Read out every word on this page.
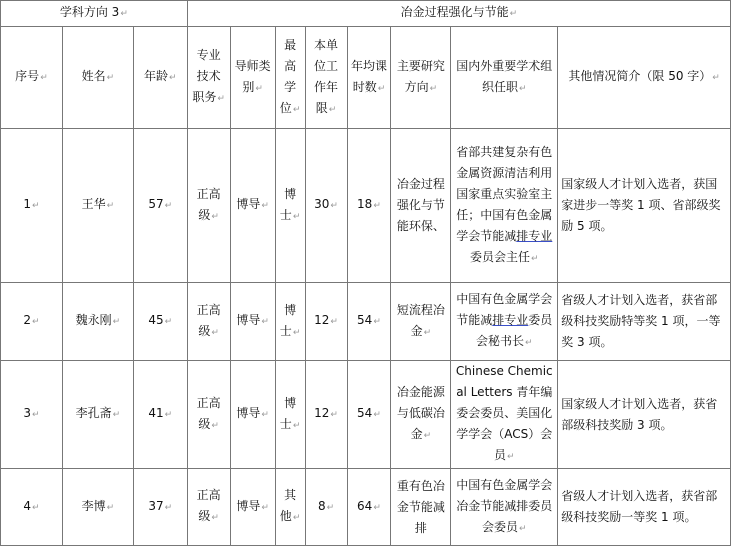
学科方向 3↵			冶金过程强化与节能↵							
序号↵	姓名↵	年龄↵	专业技术职务↵	导师类别↵	最高学位↵	本单位工作年限↵	年均课时数↵	主要研究方向↵	国内外重要学术组织任职↵	其他情况简介（限 50 字）↵
1↵	王华↵	57↵	正高级↵	博导↵	博士↵	30↵	18↵	冶金过程强化与节能环保、	省部共建复杂有色金属资源清洁利用国家重点实验室主任；中国有色金属学会节能减排专业委员会主任↵	国家级人才计划入选者，获国家进步一等奖 1 项、省部级奖励 5 项。
2↵	魏永刚↵	45↵	正高级↵	博导↵	博士↵	12↵	54↵	短流程冶金↵	中国有色金属学会节能减排专业委员会秘书长↵	省级人才计划入选者，获省部级科技奖励特等奖 1 项，一等奖 3 项。
3↵	李孔斋↵	41↵	正高级↵	博导↵	博士↵	12↵	54↵	冶金能源与低碳冶金↵	Chinese Chemical Letters 青年编委会委员、美国化学学会（ACS）会员↵	国家级人才计划入选者，获省部级科技奖励 3 项。
4↵	李博↵	37↵	正高级↵	博导↵	其他↵	8↵	64↵	重有色冶金节能减排	中国有色金属学会冶金节能减排委员会委员↵	省级人才计划入选者，获省部级科技奖励一等奖 1 项。
